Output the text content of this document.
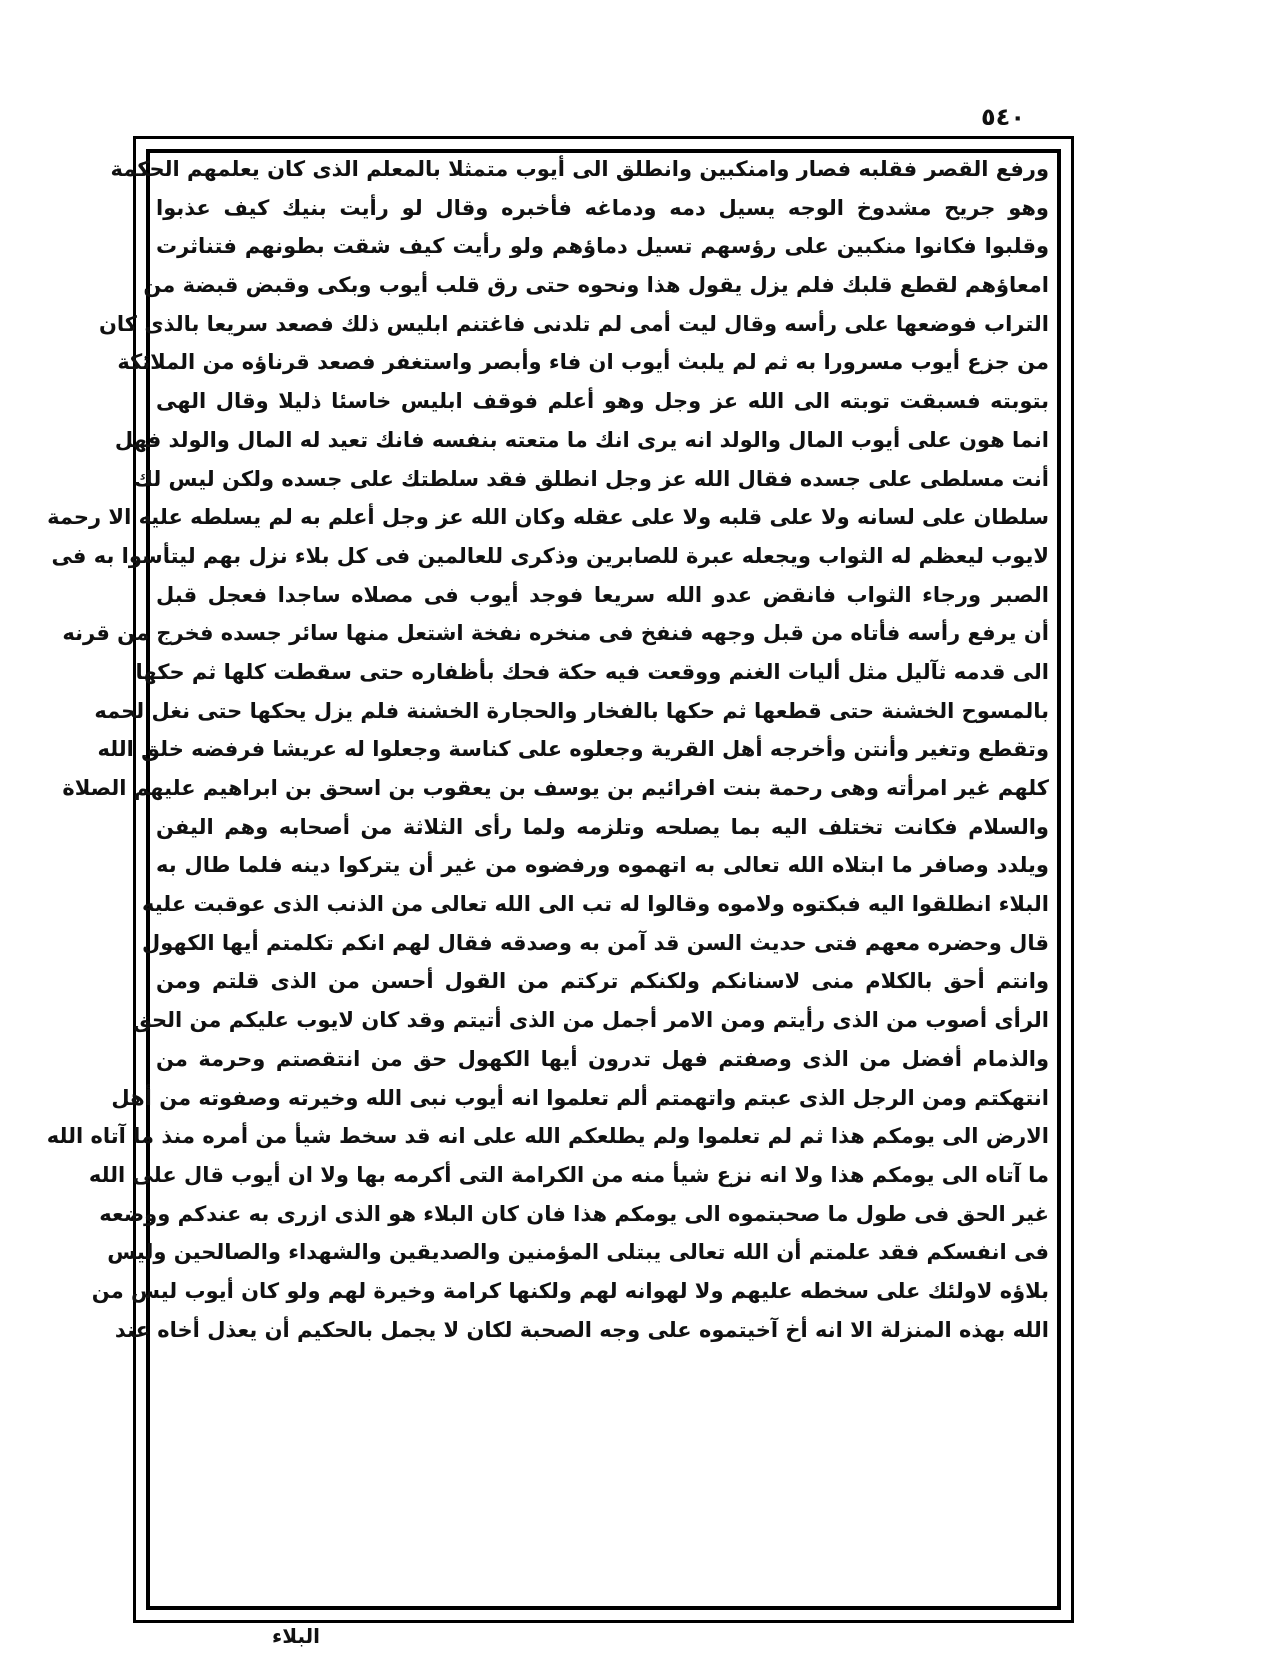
٥٤٠
ورفع القصر فقلبه فصار وامنكبين وانطلق الى أيوب متمثلا بالمعلم الذى كان يعلمهم الحكمة
وهو جريح مشدوخ الوجه يسيل دمه ودماغه فأخبره وقال لو رأيت بنيك كيف عذبوا
وقلبوا فكانوا منكبين على رؤسهم تسيل دماؤهم ولو رأيت كيف شقت بطونهم فتناثرت
امعاؤهم لقطع قلبك فلم يزل يقول هذا ونحوه حتى رق قلب أيوب وبكى وقبض قبضة من
التراب فوضعها على رأسه وقال ليت أمى لم تلدنى فاغتنم ابليس ذلك فصعد سريعا بالذى كان
من جزع أيوب مسرورا به ثم لم يلبث أيوب ان فاء وأبصر واستغفر فصعد قرناؤه من الملائكة
بتوبته فسبقت توبته الى الله عز وجل وهو أعلم فوقف ابليس خاسئا ذليلا وقال الهى
انما هون على أيوب المال والولد انه يرى انك ما متعته بنفسه فانك تعيد له المال والولد فهل
أنت مسلطى على جسده فقال الله عز وجل انطلق فقد سلطتك على جسده ولكن ليس لك
سلطان على لسانه ولا على قلبه ولا على عقله وكان الله عز وجل أعلم به لم يسلطه عليه الا رحمة
لايوب ليعظم له الثواب ويجعله عبرة للصابرين وذكرى للعالمين فى كل بلاء نزل بهم ليتأسوا به فى
الصبر ورجاء الثواب فانقض عدو الله سريعا فوجد أيوب فى مصلاه ساجدا فعجل قبل
أن يرفع رأسه فأتاه من قبل وجهه فنفخ فى منخره نفخة اشتعل منها سائر جسده فخرج من قرنه
الى قدمه ثآليل مثل أليات الغنم ووقعت فيه حكة فحك بأظفاره حتى سقطت كلها ثم حكها
بالمسوح الخشنة حتى قطعها ثم حكها بالفخار والحجارة الخشنة فلم يزل يحكها حتى نغل لحمه
وتقطع وتغير وأنتن وأخرجه أهل القرية وجعلوه على كناسة وجعلوا له عريشا فرفضه خلق الله
كلهم غير امرأته وهى رحمة بنت افرائيم بن يوسف بن يعقوب بن اسحق بن ابراهيم عليهم الصلاة
والسلام فكانت تختلف اليه بما يصلحه وتلزمه ولما رأى الثلاثة من أصحابه وهم اليفن
ويلدد وصافر ما ابتلاه الله تعالى به اتهموه ورفضوه من غير أن يتركوا دينه فلما طال به
البلاء انطلقوا اليه فبكتوه ولاموه وقالوا له تب الى الله تعالى من الذنب الذى عوقبت عليه
قال وحضره معهم فتى حديث السن قد آمن به وصدقه فقال لهم انكم تكلمتم أيها الكهول
وانتم أحق بالكلام منى لاسنانكم ولكنكم تركتم من القول أحسن من الذى قلتم ومن
الرأى أصوب من الذى رأيتم ومن الامر أجمل من الذى أتيتم وقد كان لايوب عليكم من الحق
والذمام أفضل من الذى وصفتم فهل تدرون أيها الكهول حق من انتقصتم وحرمة من
انتهكتم ومن الرجل الذى عبتم واتهمتم ألم تعلموا انه أيوب نبى الله وخيرته وصفوته من أهل
الارض الى يومكم هذا ثم لم تعلموا ولم يطلعكم الله على انه قد سخط شيأ من أمره منذ ما آتاه الله
ما آتاه الى يومكم هذا ولا انه نزع شيأ منه من الكرامة التى أكرمه بها ولا ان أيوب قال على الله
غير الحق فى طول ما صحبتموه الى يومكم هذا فان كان البلاء هو الذى ازرى به عندكم ووضعه
فى انفسكم فقد علمتم أن الله تعالى يبتلى المؤمنين والصديقين والشهداء والصالحين وليس
بلاؤه لاولئك على سخطه عليهم ولا لهوانه لهم ولكنها كرامة وخيرة لهم ولو كان أيوب ليس من
الله بهذه المنزلة الا انه أخ آخيتموه على وجه الصحبة لكان لا يجمل بالحكيم أن يعذل أخاه عند
البلاء
